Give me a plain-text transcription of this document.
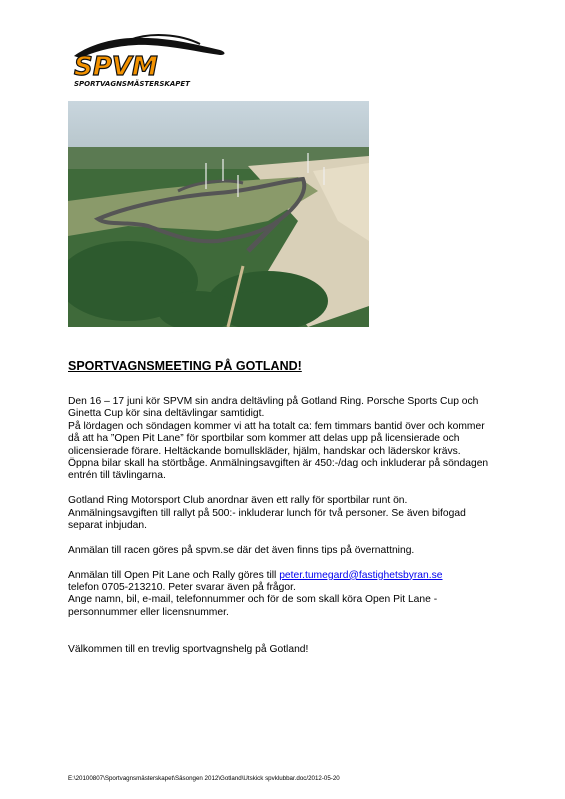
SPVM
SPORTVAGNSMÄSTERSKAPET
SPORTVAGNSMEETING PÅ GOTLAND!

Den 16 – 17 juni kör SPVM sin andra deltävling på Gotland Ring. Porsche Sports Cup och

Ginetta Cup kör sina deltävlingar samtidigt.

På lördagen och söndagen kommer vi att ha totalt ca: fem timmars bantid över och kommer

då att ha ”Open Pit Lane” för sportbilar som kommer att delas upp på licensierade och

olicensierade förare. Heltäckande bomullskläder, hjälm, handskar och läderskor krävs.

Öppna bilar skall ha störtbåge. Anmälningsavgiften är 450:-/dag och inkluderar på söndagen

entrén till tävlingarna.

Gotland Ring Motorsport Club anordnar även ett rally för sportbilar runt ön.

Anmälningsavgiften till rallyt på 500:- inkluderar lunch för två personer. Se även bifogad

separat inbjudan.

Anmälan till racen göres på spvm.se där det även finns tips på övernattning.

Anmälan till Open Pit Lane och Rally göres till peter.tumegard@fastighetsbyran.se

telefon 0705-213210. Peter svarar även på frågor.

Ange namn, bil, e-mail, telefonnummer och för de som skall köra Open Pit Lane -

personnummer eller licensnummer.

Välkommen till en trevlig sportvagnshelg på Gotland!

E:\20100807\Sportvagnsmästerskapet\Säsongen 2012\Gotland\Utskick spvklubbar.doc/2012-05-20
